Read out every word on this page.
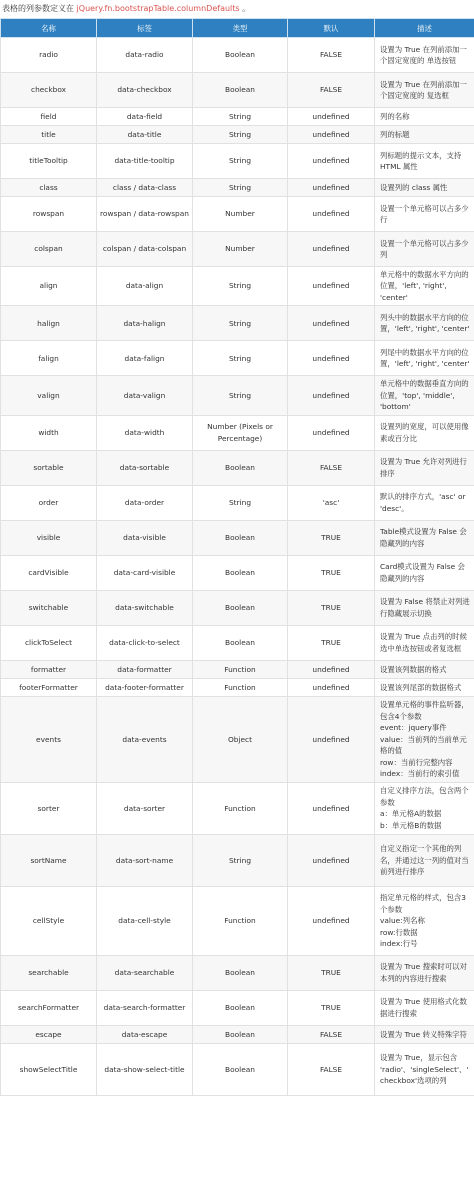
表格的列参数定义在 jQuery.fn.bootstrapTable.columnDefaults 。
名称	标签	类型	默认	描述
radio	data-radio	Boolean	FALSE	设置为 True 在列前添加一个固定宽度的 单选按钮
checkbox	data-checkbox	Boolean	FALSE	设置为 True 在列前添加一个固定宽度的 复选框
field	data-field	String	undefined	列的名称
title	data-title	String	undefined	列的标题
titleTooltip	data-title-tooltip	String	undefined	列标题的提示文本，支持 HTML 属性
class	class / data-class	String	undefined	设置列的 class 属性
rowspan	rowspan / data-rowspan	Number	undefined	设置一个单元格可以占多少行
colspan	colspan / data-colspan	Number	undefined	设置一个单元格可以占多少列
align	data-align	String	undefined	单元格中的数据水平方向的位置，'left', 'right', 'center'
halign	data-halign	String	undefined	列头中的数据水平方向的位置，'left', 'right', 'center'
falign	data-falign	String	undefined	列尾中的数据水平方向的位置，'left', 'right', 'center'
valign	data-valign	String	undefined	单元格中的数据垂直方向的位置，'top', 'middle', 'bottom'
width	data-width	Number (Pixels or Percentage)	undefined	设置列的宽度，可以使用像素或百分比
sortable	data-sortable	Boolean	FALSE	设置为 True 允许对列进行排序
order	data-order	String	'asc'	默认的排序方式，'asc' or 'desc'。
visible	data-visible	Boolean	TRUE	Table模式设置为 False 会隐藏列的内容
cardVisible	data-card-visible	Boolean	TRUE	Card模式设置为 False 会隐藏列的内容
switchable	data-switchable	Boolean	TRUE	设置为 False 将禁止对列进行隐藏展示切换
clickToSelect	data-click-to-select	Boolean	TRUE	设置为 True 点击列的时候选中单选按钮或者复选框
formatter	data-formatter	Function	undefined	设置该列数据的格式
footerFormatter	data-footer-formatter	Function	undefined	设置该列尾部的数据格式
events	data-events	Object	undefined	设置单元格的事件监听器，包含4个参数
event：jquery事件
value：当前列的当前单元格的值
row：当前行完整内容
index：当前行的索引值
sorter	data-sorter	Function	undefined	自定义排序方法，包含两个参数
a：单元格A的数据
b：单元格B的数据
sortName	data-sort-name	String	undefined	自定义指定一个其他的列名，并通过这一列的值对当前列进行排序
cellStyle	data-cell-style	Function	undefined	指定单元格的样式，包含3个参数
value:列名称
row:行数据
index:行号
searchable	data-searchable	Boolean	TRUE	设置为 True 搜索时可以对本列的内容进行搜索
searchFormatter	data-search-formatter	Boolean	TRUE	设置为 True 使用格式化数据进行搜索
escape	data-escape	Boolean	FALSE	设置为 True 转义特殊字符
showSelectTitle	data-show-select-title	Boolean	FALSE	设置为 True，显示包含 'radio'、'singleSelect'、'checkbox'选项的列
